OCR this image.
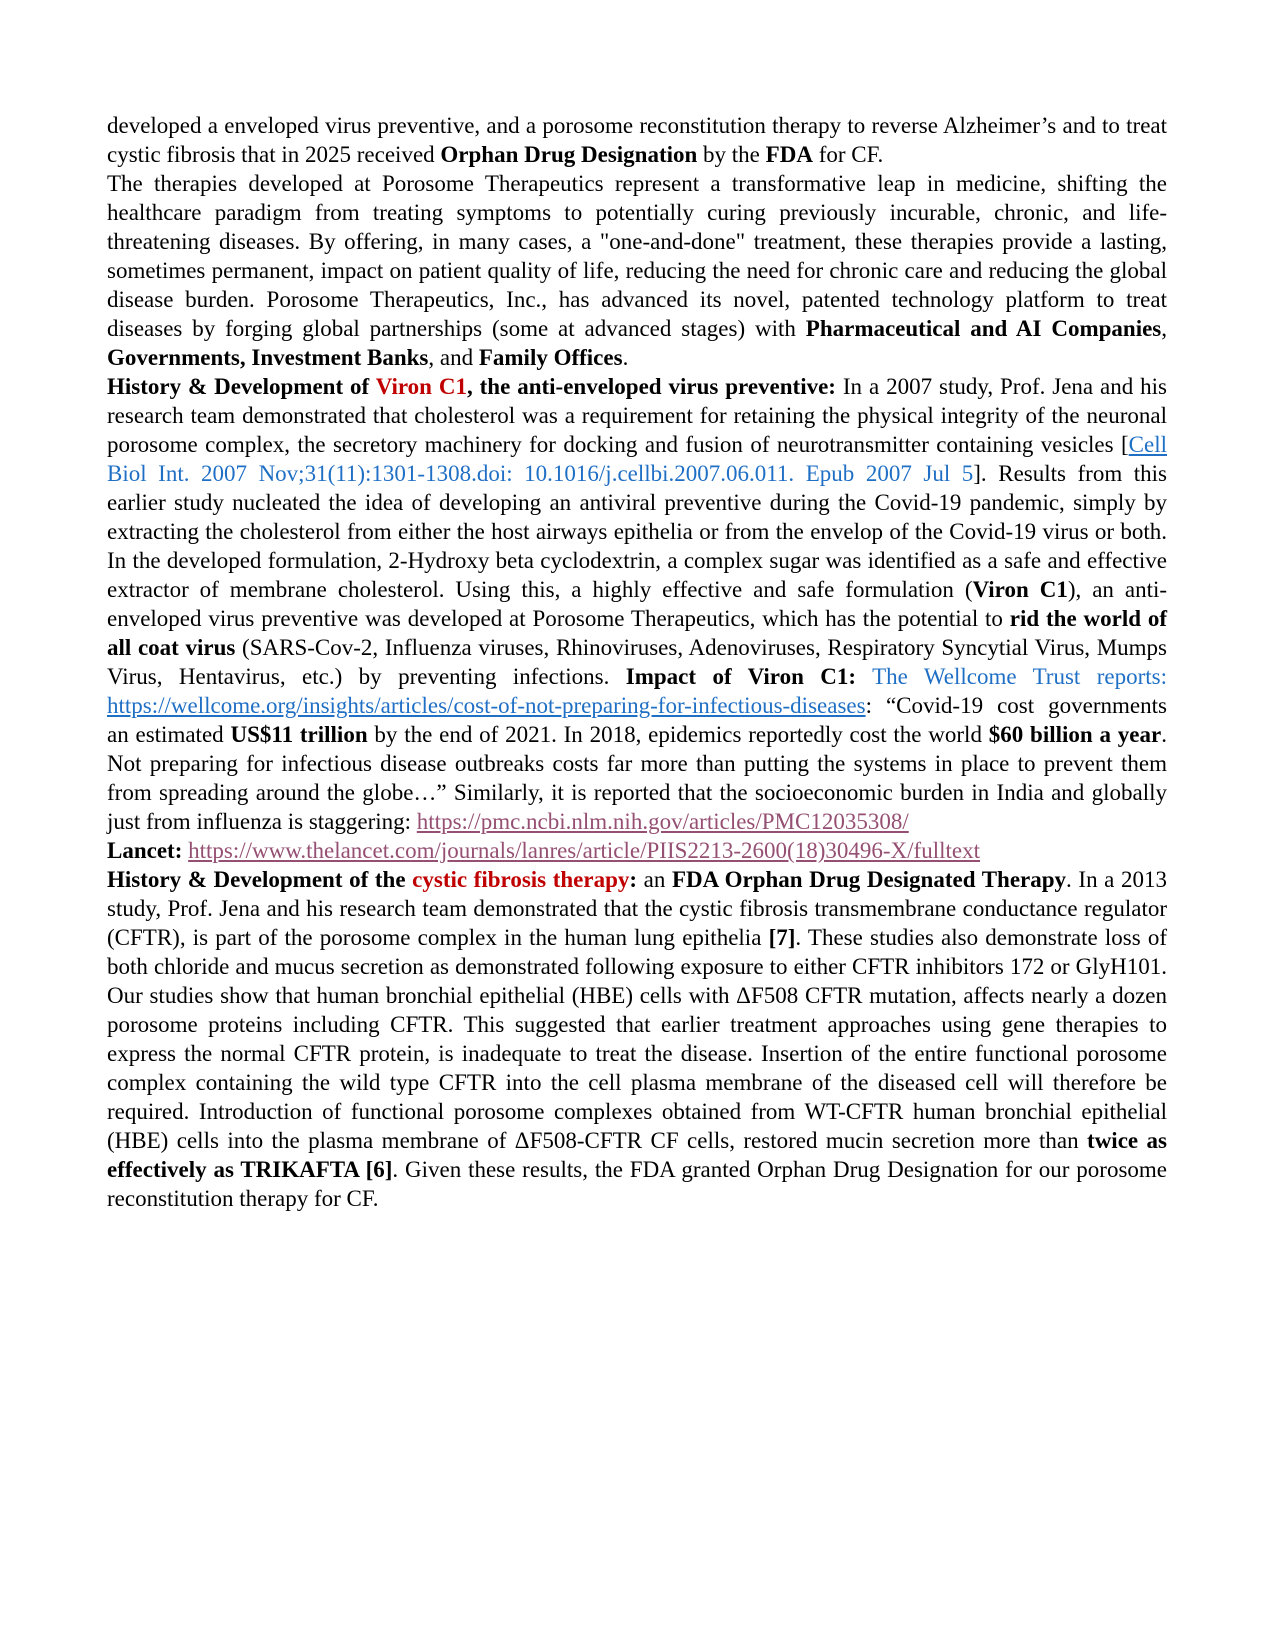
developed a enveloped virus preventive, and a porosome reconstitution therapy to reverse Alzheimer’s and to treat cystic fibrosis that in 2025 received Orphan Drug Designation by the FDA for CF.

The therapies developed at Porosome Therapeutics represent a transformative leap in medicine, shifting the healthcare paradigm from treating symptoms to potentially curing previously incurable, chronic, and life-threatening diseases. By offering, in many cases, a "one-and-done" treatment, these therapies provide a lasting, sometimes permanent, impact on patient quality of life, reducing the need for chronic care and reducing the global disease burden. Porosome Therapeutics, Inc., has advanced its novel, patented technology platform to treat diseases by forging global partnerships (some at advanced stages) with Pharmaceutical and AI Companies, Governments, Investment Banks, and Family Offices.

History & Development of Viron C1, the anti-enveloped virus preventive: In a 2007 study, Prof. Jena and his research team demonstrated that cholesterol was a requirement for retaining the physical integrity of the neuronal porosome complex, the secretory machinery for docking and fusion of neurotransmitter containing vesicles [Cell Biol Int. 2007 Nov;31(11):1301-1308.doi: 10.1016/j.cellbi.2007.06.011. Epub 2007 Jul 5]. Results from this earlier study nucleated the idea of developing an antiviral preventive during the Covid-19 pandemic, simply by extracting the cholesterol from either the host airways epithelia or from the envelop of the Covid-19 virus or both. In the developed formulation, 2-Hydroxy beta cyclodextrin, a complex sugar was identified as a safe and effective extractor of membrane cholesterol. Using this, a highly effective and safe formulation (Viron C1), an anti-enveloped virus preventive was developed at Porosome Therapeutics, which has the potential to rid the world of all coat virus (SARS-Cov-2, Influenza viruses, Rhinoviruses, Adenoviruses, Respiratory Syncytial Virus, Mumps Virus, Hentavirus, etc.) by preventing infections. Impact of Viron C1: The Wellcome Trust reports: https://wellcome.org/insights/articles/cost-of-not-preparing-for-infectious-diseases: “Covid-19 cost governments an estimated US$11 trillion by the end of 2021. In 2018, epidemics reportedly cost the world $60 billion a year. Not preparing for infectious disease outbreaks costs far more than putting the systems in place to prevent them from spreading around the globe…” Similarly, it is reported that the socioeconomic burden in India and globally just from influenza is staggering: https://pmc.ncbi.nlm.nih.gov/articles/PMC12035308/

Lancet: https://www.thelancet.com/journals/lanres/article/PIIS2213-2600(18)30496-X/fulltext

History & Development of the cystic fibrosis therapy: an FDA Orphan Drug Designated Therapy. In a 2013 study, Prof. Jena and his research team demonstrated that the cystic fibrosis transmembrane conductance regulator (CFTR), is part of the porosome complex in the human lung epithelia [7]. These studies also demonstrate loss of both chloride and mucus secretion as demonstrated following exposure to either CFTR inhibitors 172 or GlyH101. Our studies show that human bronchial epithelial (HBE) cells with ΔF508 CFTR mutation, affects nearly a dozen porosome proteins including CFTR. This suggested that earlier treatment approaches using gene therapies to express the normal CFTR protein, is inadequate to treat the disease. Insertion of the entire functional porosome complex containing the wild type CFTR into the cell plasma membrane of the diseased cell will therefore be required. Introduction of functional porosome complexes obtained from WT-CFTR human bronchial epithelial (HBE) cells into the plasma membrane of ΔF508-CFTR CF cells, restored mucin secretion more than twice as effectively as TRIKAFTA [6]. Given these results, the FDA granted Orphan Drug Designation for our porosome reconstitution therapy for CF.
